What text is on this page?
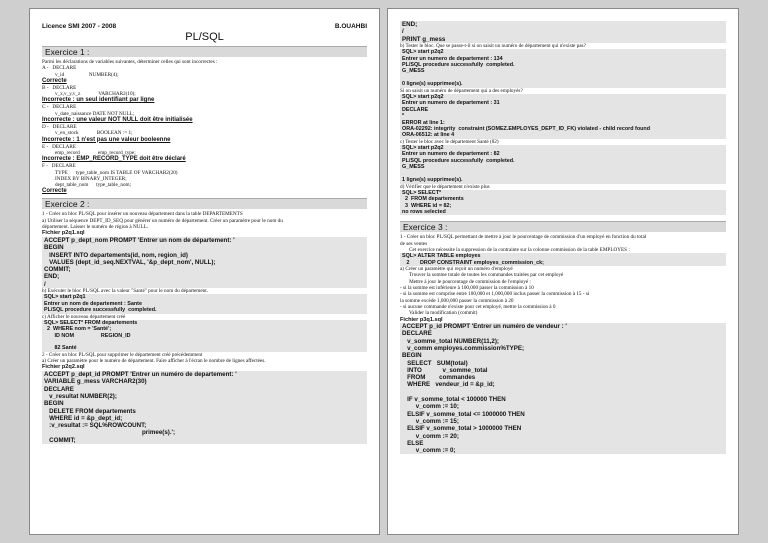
Licence SMI 2007 - 2008	B.OUAHBI
PL/SQL
Exercice 1 :
Parmi les déclarations de variables suivantes, déterminer celles qui sont incorrectes :
A -   DECLARE
v_id                   NUMBER(4);
Correcte
B -   DECLARE
v_x,v_y,v_z              VARCHAR2(10);
Incorrecte : un seul identifiant par ligne
C -   DECLARE
v_date_naissance DATE NOT NULL;
Incorrecte : une valeur NOT NULL doit être initialisée
D -   DECLARE
v_en_stock              BOOLEAN := 1;
Incorrecte : 1 n'est pas une valeur booleenne
E -   DECLARE
emp_record              emp_record_type;
Incorrecte : EMP_RECORD_TYPE doit être déclaré
F -   DECLARE
TYPE      type_table_nom IS TABLE OF VARCHAR2(20)
INDEX BY BINARY_INTEGER;
dept_table_nom      type_table_nom;
Correcte
Exercice 2 :
1 - Créer un bloc PL/SQL pour insérer un nouveau département dans la table DEPARTEMENTS
a) Utiliser la séquence DEPT_ID_SEQ pour générer un numéro de département. Créer un paramètre pour le nom du
département. Laisser le numéro de région à NULL.
Fichier p2q1.sql
ACCEPT p_dept_nom PROMPT 'Entrer un nom de département: '
BEGIN
INSERT INTO departements(id, nom, region_id)
VALUES (dept_id_seq.NEXTVAL, '&p_dept_nom', NULL);
COMMIT;
END;
/
b) Exécuter le bloc PL/SQL avec la valeur "Santé" pour le nom du département.
SQL> start p2q1
Entrer un nom de departement : Sante
PL/SQL procedure successfully  completed.
c) Afficher le nouveau département créé
SQL> SELECT* FROM departements
2  WHERE nom = 'Santé';
ID NOM                  REGION_ID

82 Santé
2 - Créer un bloc PL/SQL pour supprimer le département créé précédemment
a) Créer un paramètre pour le numéro de département. Faire afficher à l'écran le nombre de lignes affectées.
Fichier p2q2.sql
ACCEPT p_dept_id PROMPT 'Entrer un numéro de departement: '
VARIABLE g_mess VARCHAR2(30)
DECLARE
v_resultat NUMBER(2);
BEGIN
DELETE FROM departements
WHERE id = &p_dept_id;
:v_resultat := SQL%ROWCOUNT;
primee(s).';
COMMIT;
END;
/
PRINT g_mess
b) Tester le bloc. Que se passe-t-il si on saisit un numéro de département qui n'existe pas?
SQL> start p2q2
Entrer un numero de departement : 134
PL/SQL procedure successfully  completed.
G_MESS

0 ligne(s) supprimee(s).
Si on saisit un numéro de département qui a des employés?
SQL> start p2q2
Entrer un numero de departement : 31
DECLARE
*
ERROR at line 1:
ORA-02292: integrity  constraint (SOMEZ.EMPLOYES_DEPT_ID_FK) violated - child record found
ORA-06512: at line 4
c) Tester le bloc avec le département Santé (82)
SQL> start p2q2
Entrer un numero de departement : 82
PL/SQL procedure successfully  completed.
G_MESS

1 ligne(s) supprimee(s).
d) Vérifier que le département n'existe plus
SQL> SELECT*
2  FROM departements
3  WHERE id = 82;
no rows selected
Exercice 3 :
1 - Créer un bloc PL/SQL permettant de mettre à jour le pourcentage de commission d'un employé en fonction du total
de ses ventes
Cet exercice nécessite la suppression de la contrainte sur la colonne commission de la table EMPLOYES :
SQL> ALTER TABLE employes
2       DROP CONSTRAINT employes_commission_ck;
a) Créer un paramètre qui reçoit un numéro d'employé
Trouver la somme totale de toutes les commandes traitées par cet employé
Mettre à jour le pourcentage de commission de l'employé :
- si la somme est inférieure à 100,000 passer la commission à 10
- si la somme est comprise entre 100,000 et 1,000,000 inclus passer la commission à 15 - si
la somme excède 1,000,000 passer la commission à 20
- si aucune commande n'existe pour cet employé, mettre la commission à 0
Valider la modification (commit)
Fichier p3q1.sql
ACCEPT p_id PROMPT 'Entrer un numéro de vendeur : '
DECLARE
v_somme_total NUMBER(11,2);
v_comm employes.commission%TYPE;
BEGIN
SELECT   SUM(total)
INTO            v_somme_total
FROM        commandes
WHERE   vendeur_id = &p_id;

IF v_somme_total < 100000 THEN
v_comm := 10;
ELSIF v_somme_total <= 1000000 THEN
v_comm := 15;
ELSIF v_somme_total > 1000000 THEN
v_comm := 20;
ELSE
v_comm := 0;
